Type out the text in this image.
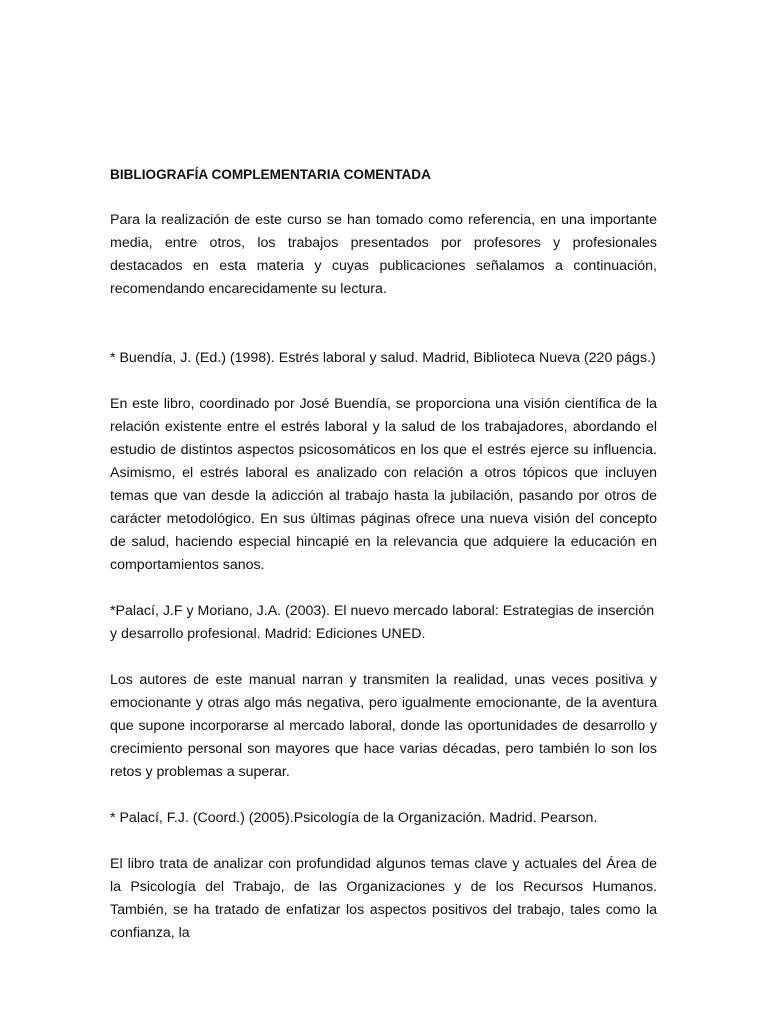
BIBLIOGRAFÍA COMPLEMENTARIA COMENTADA

Para la realización de este curso se han tomado como referencia, en una importante media, entre otros, los trabajos presentados por profesores y profesionales destacados en esta materia y cuyas publicaciones señalamos a continuación, recomendando encarecidamente su lectura.

* Buendía, J. (Ed.) (1998). Estrés laboral y salud. Madrid, Biblioteca Nueva (220 págs.)

En este libro, coordinado por José Buendía, se proporciona una visión científica de la relación existente entre el estrés laboral y la salud de los trabajadores, abordando el estudio de distintos aspectos psicosomáticos en los que el estrés ejerce su influencia. Asimismo, el estrés laboral es analizado con relación a otros tópicos que incluyen temas que van desde la adicción al trabajo hasta la jubilación, pasando por otros de carácter metodológico. En sus últimas páginas ofrece una nueva visión del concepto de salud, haciendo especial hincapié en la relevancia que adquiere la educación en comportamientos sanos.

*Palací, J.F y Moriano, J.A. (2003). El nuevo mercado laboral: Estrategias de inserción y desarrollo profesional. Madrid: Ediciones UNED.

Los autores de este manual narran y transmiten la realidad, unas veces positiva y emocionante y otras algo más negativa, pero igualmente emocionante, de la aventura que supone incorporarse al mercado laboral, donde las oportunidades de desarrollo y crecimiento personal son mayores que hace varias décadas, pero también lo son los retos y problemas a superar.

* Palací, F.J. (Coord.) (2005).Psicología de la Organización. Madrid. Pearson.

El libro trata de analizar con profundidad algunos temas clave y actuales del Área de la Psicología del Trabajo, de las Organizaciones y de los Recursos Humanos. También, se ha tratado de enfatizar los aspectos positivos del trabajo, tales como la confianza, la
